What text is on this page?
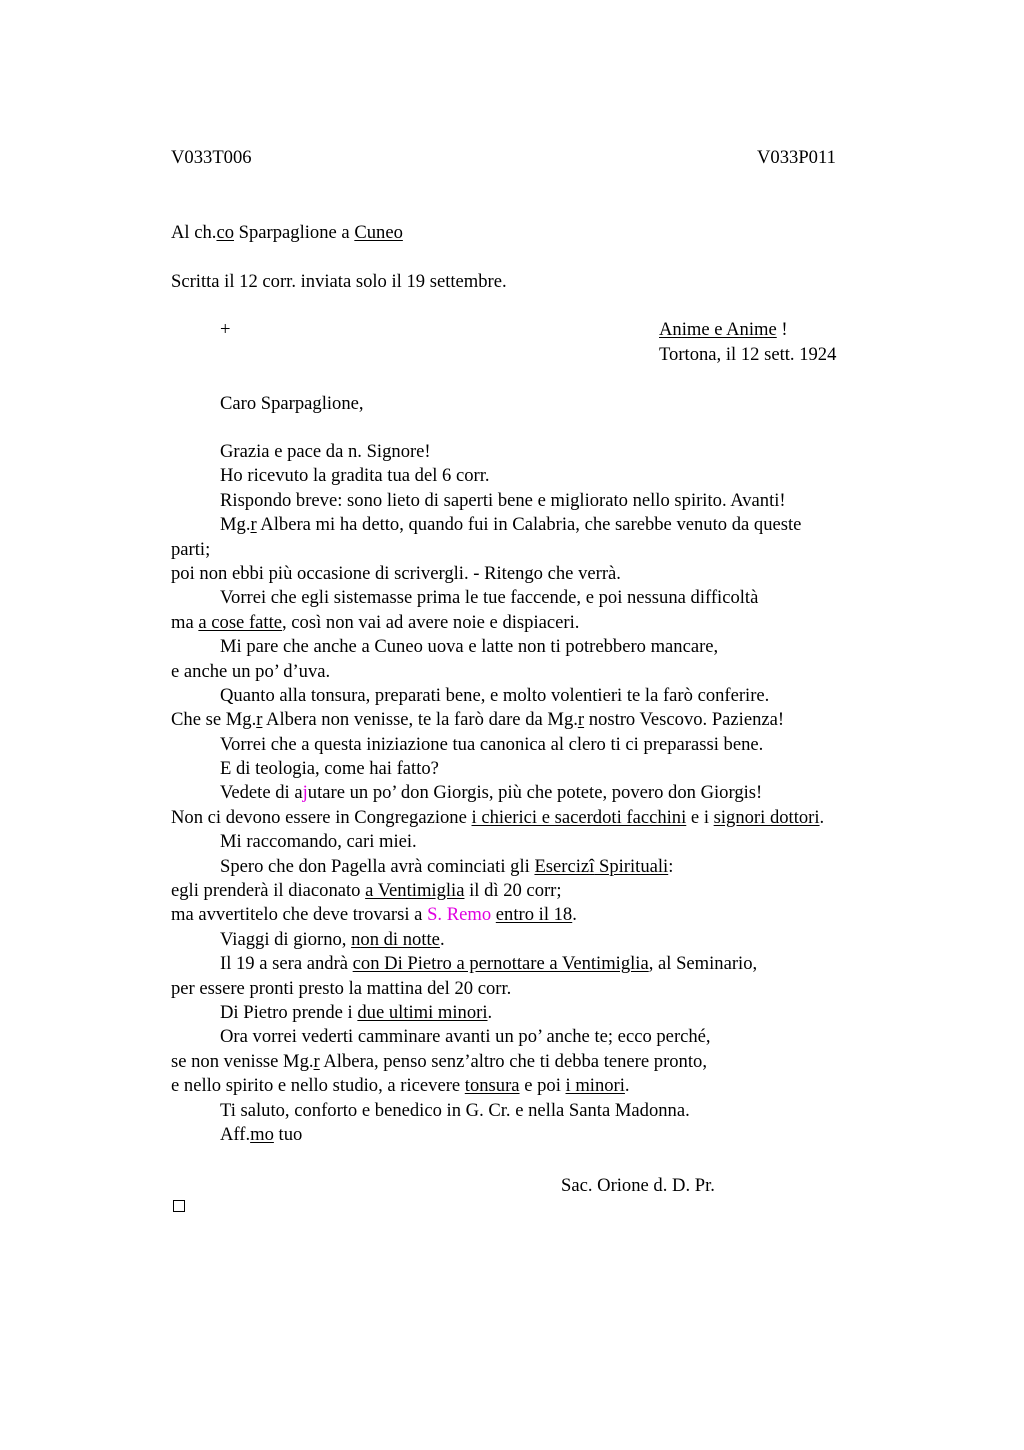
V033T006	V033P011
Al ch.co Sparpaglione a Cuneo
Scritta il 12 corr. inviata solo il 19 settembre.
+	Anime e Anime !
Tortona, il 12 sett. 1924
Caro Sparpaglione,
Grazia e pace da n. Signore!
Ho ricevuto la gradita tua del 6 corr.
Rispondo breve: sono lieto di saperti bene e migliorato nello spirito. Avanti!
Mg.r Albera mi ha detto, quando fui in Calabria, che sarebbe venuto da queste
parti;
poi non ebbi più occasione di scrivergli. - Ritengo che verrà.
Vorrei che egli sistemasse prima le tue faccende, e poi nessuna difficoltà
ma a cose fatte, così non vai ad avere noie e dispiaceri.
Mi pare che anche a Cuneo uova e latte non ti potrebbero mancare,
e anche un po’ d’uva.
Quanto alla tonsura, preparati bene, e molto volentieri te la farò conferire.
Che se Mg.r Albera non venisse, te la farò dare da Mg.r nostro Vescovo. Pazienza!
Vorrei che a questa iniziazione tua canonica al clero ti ci preparassi bene.
E di teologia, come hai fatto?
Vedete di ajutare un po’ don Giorgis, più che potete, povero don Giorgis!
Non ci devono essere in Congregazione i chierici e sacerdoti facchini e i signori dottori.
Mi raccomando, cari miei.
Spero che don Pagella avrà cominciati gli Esercizî Spirituali:
egli prenderà il diaconato a Ventimiglia il dì 20 corr;
ma avvertitelo che deve trovarsi a S. Remo entro il 18.
Viaggi di giorno, non di notte.
Il 19 a sera andrà con Di Pietro a pernottare a Ventimiglia, al Seminario,
per essere pronti presto la mattina del 20 corr.
Di Pietro prende i due ultimi minori.
Ora vorrei vederti camminare avanti un po’ anche te; ecco perché,
se non venisse Mg.r Albera, penso senz’altro che ti debba tenere pronto,
e nello spirito e nello studio, a ricevere tonsura e poi i minori.
Ti saluto, conforto e benedico in G. Cr. e nella Santa Madonna.
Aff.mo tuo
Sac. Orione d. D. Pr.
